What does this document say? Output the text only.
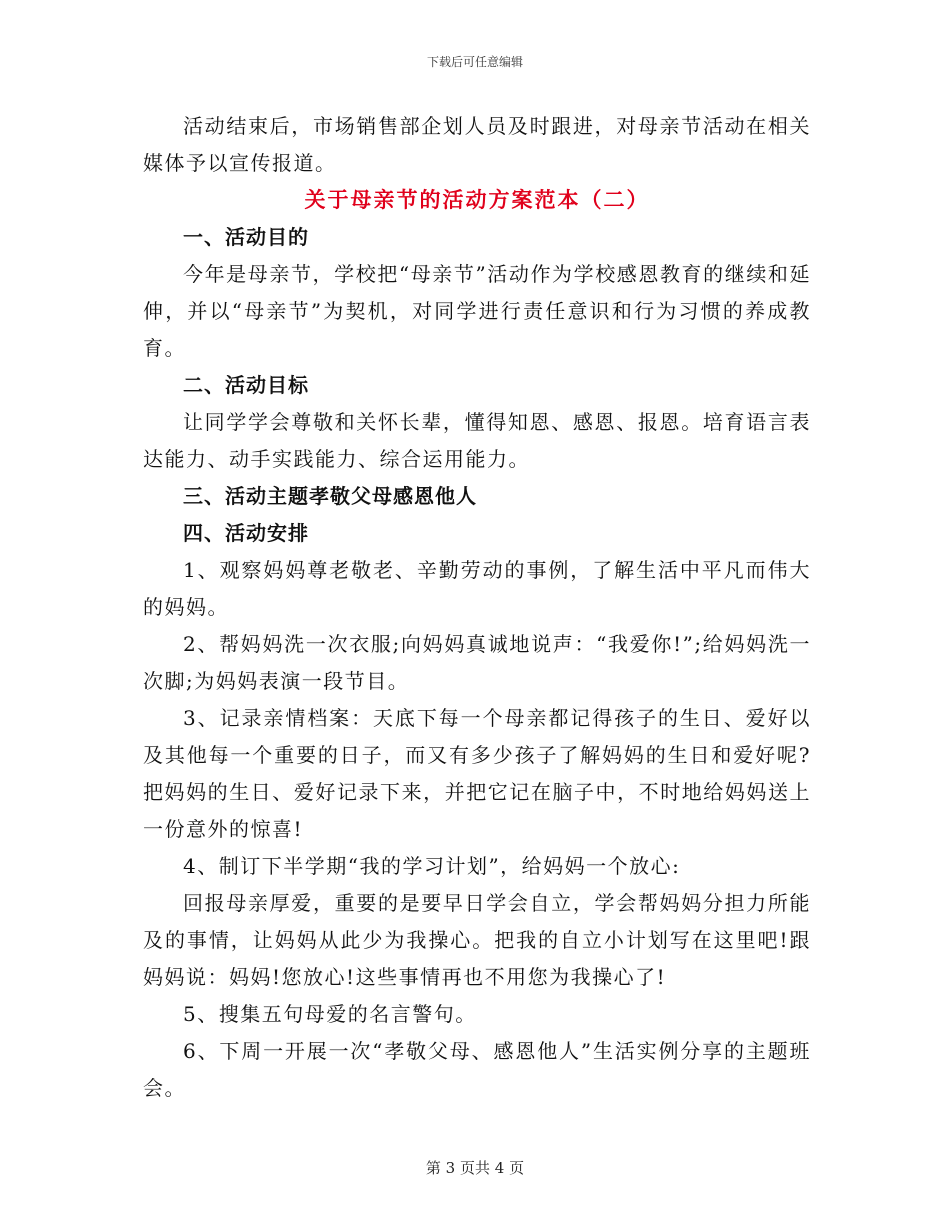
下载后可任意编辑

活动结束后，市场销售部企划人员及时跟进，对母亲节活动在相关媒体予以宣传报道。

关于母亲节的活动方案范本（二）

一、活动目的

今年是母亲节，学校把“母亲节”活动作为学校感恩教育的继续和延伸，并以“母亲节”为契机，对同学进行责任意识和行为习惯的养成教育。

二、活动目标

让同学学会尊敬和关怀长辈，懂得知恩、感恩、报恩。培育语言表达能力、动手实践能力、综合运用能力。

三、活动主题孝敬父母感恩他人

四、活动安排

1、观察妈妈尊老敬老、辛勤劳动的事例，了解生活中平凡而伟大的妈妈。

2、帮妈妈洗一次衣服;向妈妈真诚地说声：“我爱你!”;给妈妈洗一次脚;为妈妈表演一段节目。

3、记录亲情档案：天底下每一个母亲都记得孩子的生日、爱好以及其他每一个重要的日子，而又有多少孩子了解妈妈的生日和爱好呢?把妈妈的生日、爱好记录下来，并把它记在脑子中，不时地给妈妈送上一份意外的惊喜!

4、制订下半学期“我的学习计划”，给妈妈一个放心:

回报母亲厚爱，重要的是要早日学会自立，学会帮妈妈分担力所能及的事情，让妈妈从此少为我操心。把我的自立小计划写在这里吧!跟妈妈说：妈妈!您放心!这些事情再也不用您为我操心了!

5、搜集五句母爱的名言警句。

6、下周一开展一次“孝敬父母、感恩他人”生活实例分享的主题班会。

第 3 页共 4 页
